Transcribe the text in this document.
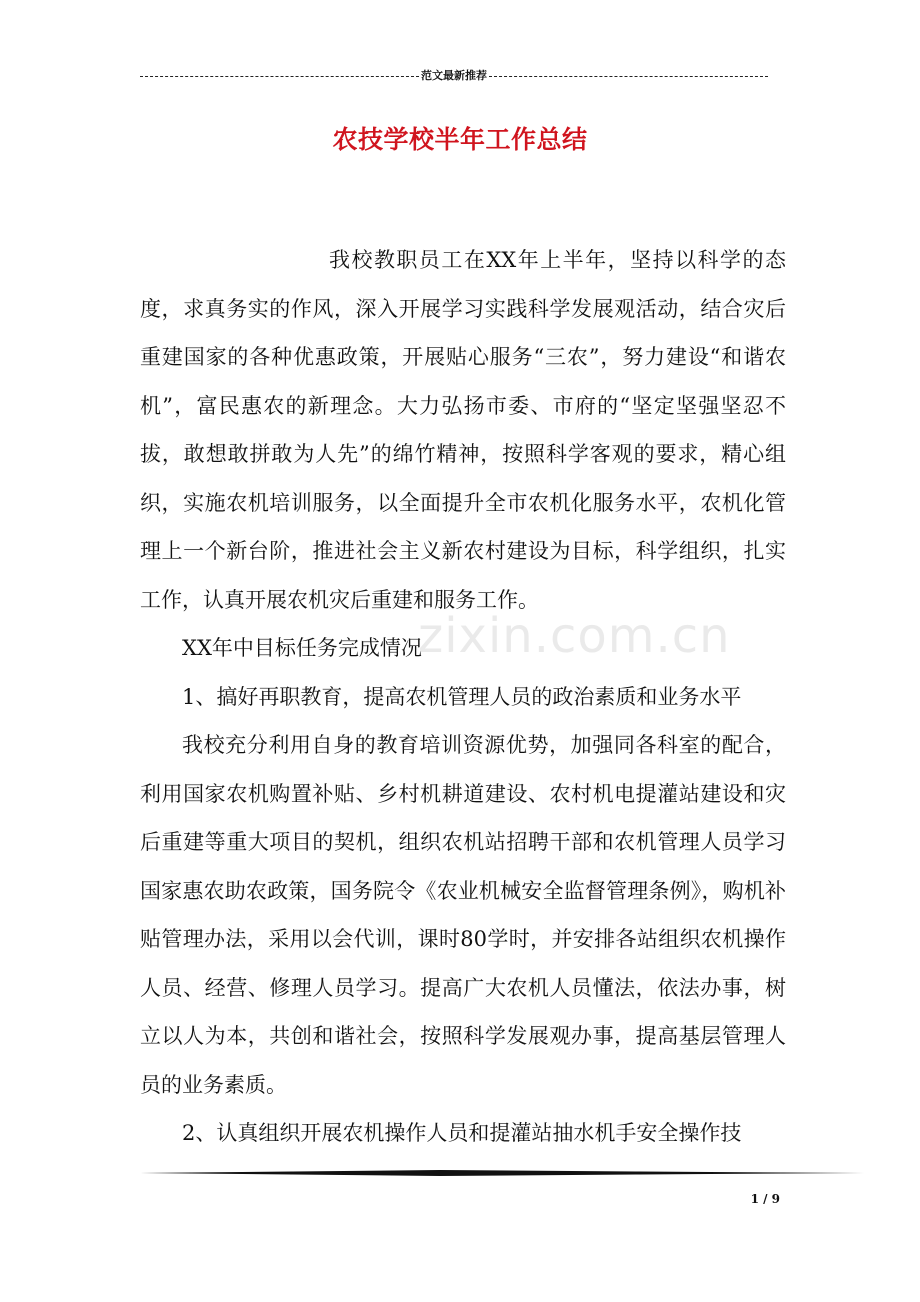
范文最新推荐
农技学校半年工作总结

我校教职员工在XX年上半年，坚持以科学的态度，求真务实的作风，深入开展学习实践科学发展观活动，结合灾后重建国家的各种优惠政策，开展贴心服务“三农”，努力建设“和谐农机”，富民惠农的新理念。大力弘扬市委、市府的“坚定坚强坚忍不拔，敢想敢拼敢为人先”的绵竹精神，按照科学客观的要求，精心组织，实施农机培训服务，以全面提升全市农机化服务水平，农机化管理上一个新台阶，推进社会主义新农村建设为目标，科学组织，扎实工作，认真开展农机灾后重建和服务工作。

XX年中目标任务完成情况

1、搞好再职教育，提高农机管理人员的政治素质和业务水平

我校充分利用自身的教育培训资源优势，加强同各科室的配合，利用国家农机购置补贴、乡村机耕道建设、农村机电提灌站建设和灾后重建等重大项目的契机，组织农机站招聘干部和农机管理人员学习国家惠农助农政策，国务院令《农业机械安全监督管理条例》，购机补贴管理办法，采用以会代训，课时80学时，并安排各站组织农机操作人员、经营、修理人员学习。提高广大农机人员懂法，依法办事，树立以人为本，共创和谐社会，按照科学发展观办事，提高基层管理人员的业务素质。

2、认真组织开展农机操作人员和提灌站抽水机手安全操作技

zixin.com.cn
1 / 9
